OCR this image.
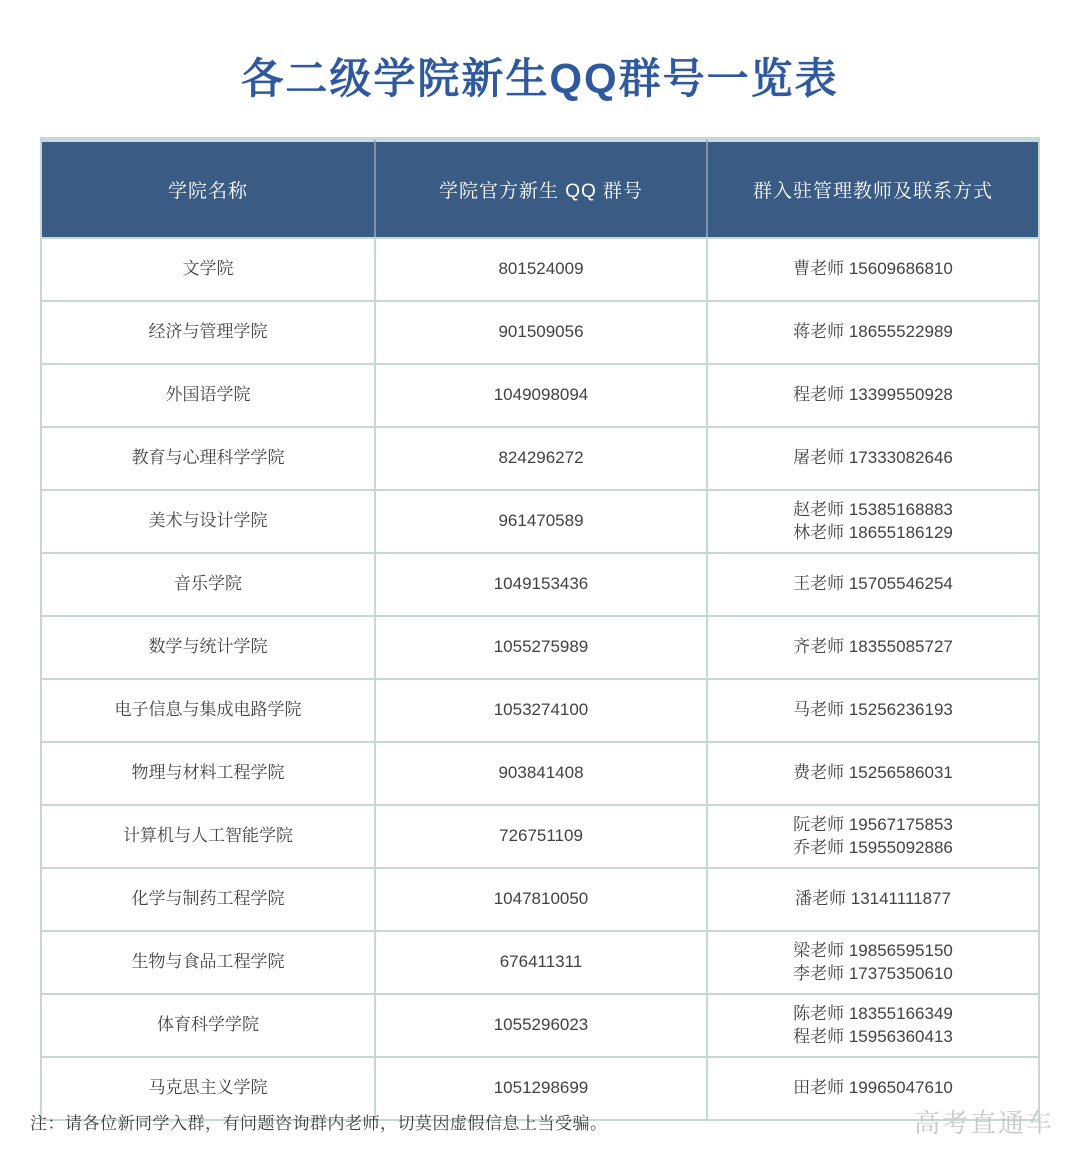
各二级学院新生QQ群号一览表
学院名称	学院官方新生 QQ 群号	群入驻管理教师及联系方式
文学院	801524009	曹老师 15609686810

经济与管理学院	901509056	蒋老师 18655522989

外国语学院	1049098094	程老师 13399550928

教育与心理科学学院	824296272	屠老师 17333082646

美术与设计学院	961470589	赵老师 15385168883
林老师 18655186129

音乐学院	1049153436	王老师 15705546254

数学与统计学院	1055275989	齐老师 18355085727

电子信息与集成电路学院	1053274100	马老师 15256236193

物理与材料工程学院	903841408	费老师 15256586031

计算机与人工智能学院	726751109	阮老师 19567175853
乔老师 15955092886

化学与制药工程学院	1047810050	潘老师 13141111877

生物与食品工程学院	676411311	梁老师 19856595150
李老师 17375350610

体育科学学院	1055296023	陈老师 18355166349
程老师 15956360413

马克思主义学院	1051298699	田老师 19965047610
注：请各位新同学入群，有问题咨询群内老师，切莫因虚假信息上当受骗。	高考直通车
